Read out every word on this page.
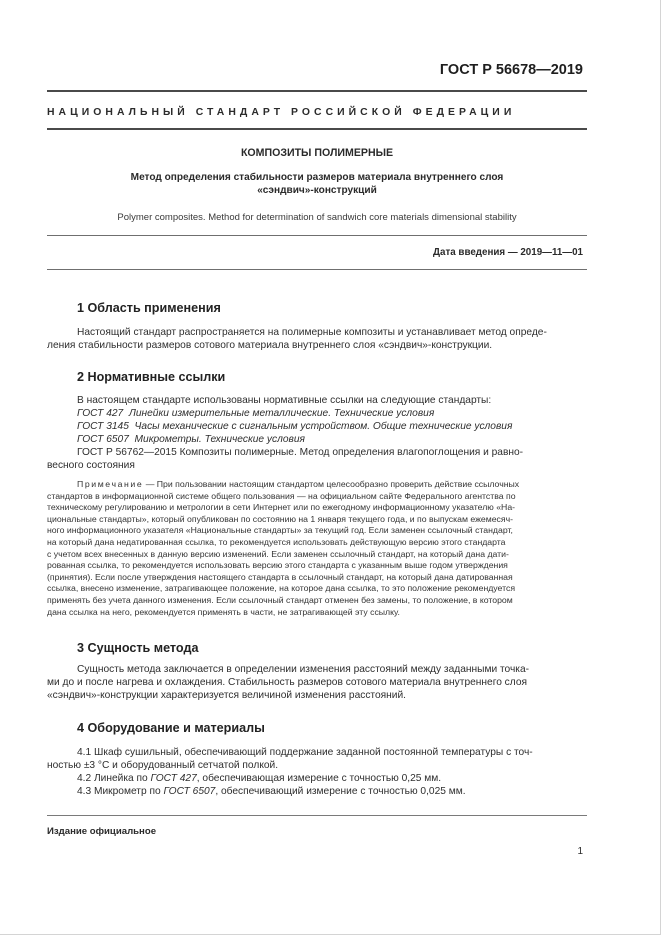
ГОСТ Р 56678—2019
НАЦИОНАЛЬНЫЙ СТАНДАРТ РОССИЙСКОЙ ФЕДЕРАЦИИ
КОМПОЗИТЫ ПОЛИМЕРНЫЕ
Метод определения стабильности размеров материала внутреннего слоя
«сэндвич»-конструкций
Polymer composites. Method for determination of sandwich core materials dimensional stability
Дата введения — 2019—11—01
1 Область применения
Настоящий стандарт распространяется на полимерные композиты и устанавливает метод опреде-
ления стабильности размеров сотового материала внутреннего слоя «сэндвич»-конструкции.
2 Нормативные ссылки
В настоящем стандарте использованы нормативные ссылки на следующие стандарты:
ГОСТ 427 Линейки измерительные металлические. Технические условия
ГОСТ 3145 Часы механические с сигнальным устройством. Общие технические условия
ГОСТ 6507 Микрометры. Технические условия
ГОСТ Р 56762—2015 Композиты полимерные. Метод определения влагопоглощения и равно-
весного состояния
Примечание — При пользовании настоящим стандартом целесообразно проверить действие ссылочных
стандартов в информационной системе общего пользования — на официальном сайте Федерального агентства по
техническому регулированию и метрологии в сети Интернет или по ежегодному информационному указателю «На-
циональные стандарты», который опубликован по состоянию на 1 января текущего года, и по выпускам ежемесяч-
ного информационного указателя «Национальные стандарты» за текущий год. Если заменен ссылочный стандарт,
на который дана недатированная ссылка, то рекомендуется использовать действующую версию этого стандарта
с учетом всех внесенных в данную версию изменений. Если заменен ссылочный стандарт, на который дана дати-
рованная ссылка, то рекомендуется использовать версию этого стандарта с указанным выше годом утверждения
(принятия). Если после утверждения настоящего стандарта в ссылочный стандарт, на который дана датированная
ссылка, внесено изменение, затрагивающее положение, на которое дана ссылка, то это положение рекомендуется
применять без учета данного изменения. Если ссылочный стандарт отменен без замены, то положение, в котором
дана ссылка на него, рекомендуется применять в части, не затрагивающей эту ссылку.
3 Сущность метода
Сущность метода заключается в определении изменения расстояний между заданными точка-
ми до и после нагрева и охлаждения. Стабильность размеров сотового материала внутреннего слоя
«сэндвич»-конструкции характеризуется величиной изменения расстояний.
4 Оборудование и материалы
4.1 Шкаф сушильный, обеспечивающий поддержание заданной постоянной температуры с точ-
ностью ±3 °С и оборудованный сетчатой полкой.
4.2 Линейка по ГОСТ 427, обеспечивающая измерение с точностью 0,25 мм.
4.3 Микрометр по ГОСТ 6507, обеспечивающий измерение с точностью 0,025 мм.
Издание официальное
1
